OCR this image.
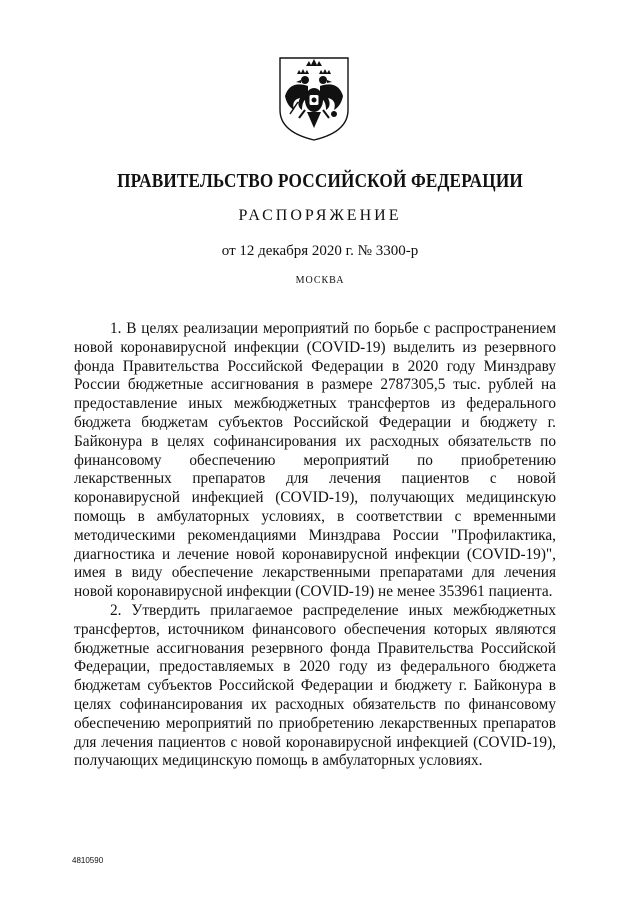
ПРАВИТЕЛЬСТВО РОССИЙСКОЙ ФЕДЕРАЦИИ
РАСПОРЯЖЕНИЕ
от 12 декабря 2020 г. № 3300-р
МОСКВА

1. В целях реализации мероприятий по борьбе с распространением новой коронавирусной инфекции (COVID-19) выделить из резервного фонда Правительства Российской Федерации в 2020 году Минздраву России бюджетные ассигнования в размере 2787305,5 тыс. рублей на предоставление иных межбюджетных трансфертов из федерального бюджета бюджетам субъектов Российской Федерации и бюджету г. Байконура в целях софинансирования их расходных обязательств по финансовому обеспечению мероприятий по приобретению лекарственных препаратов для лечения пациентов с новой коронавирусной инфекцией (COVID-19), получающих медицинскую помощь в амбулаторных условиях, в соответствии с временными методическими рекомендациями Минздрава России "Профилактика, диагностика и лечение новой коронавирусной инфекции (COVID-19)", имея в виду обеспечение лекарственными препаратами для лечения новой коронавирусной инфекции (COVID-19) не менее 353961 пациента.

2. Утвердить прилагаемое распределение иных межбюджетных трансфертов, источником финансового обеспечения которых являются бюджетные ассигнования резервного фонда Правительства Российской Федерации, предоставляемых в 2020 году из федерального бюджета бюджетам субъектов Российской Федерации и бюджету г. Байконура в целях софинансирования их расходных обязательств по финансовому обеспечению мероприятий по приобретению лекарственных препаратов для лечения пациентов с новой коронавирусной инфекцией (COVID-19), получающих медицинскую помощь в амбулаторных условиях.

4810590
